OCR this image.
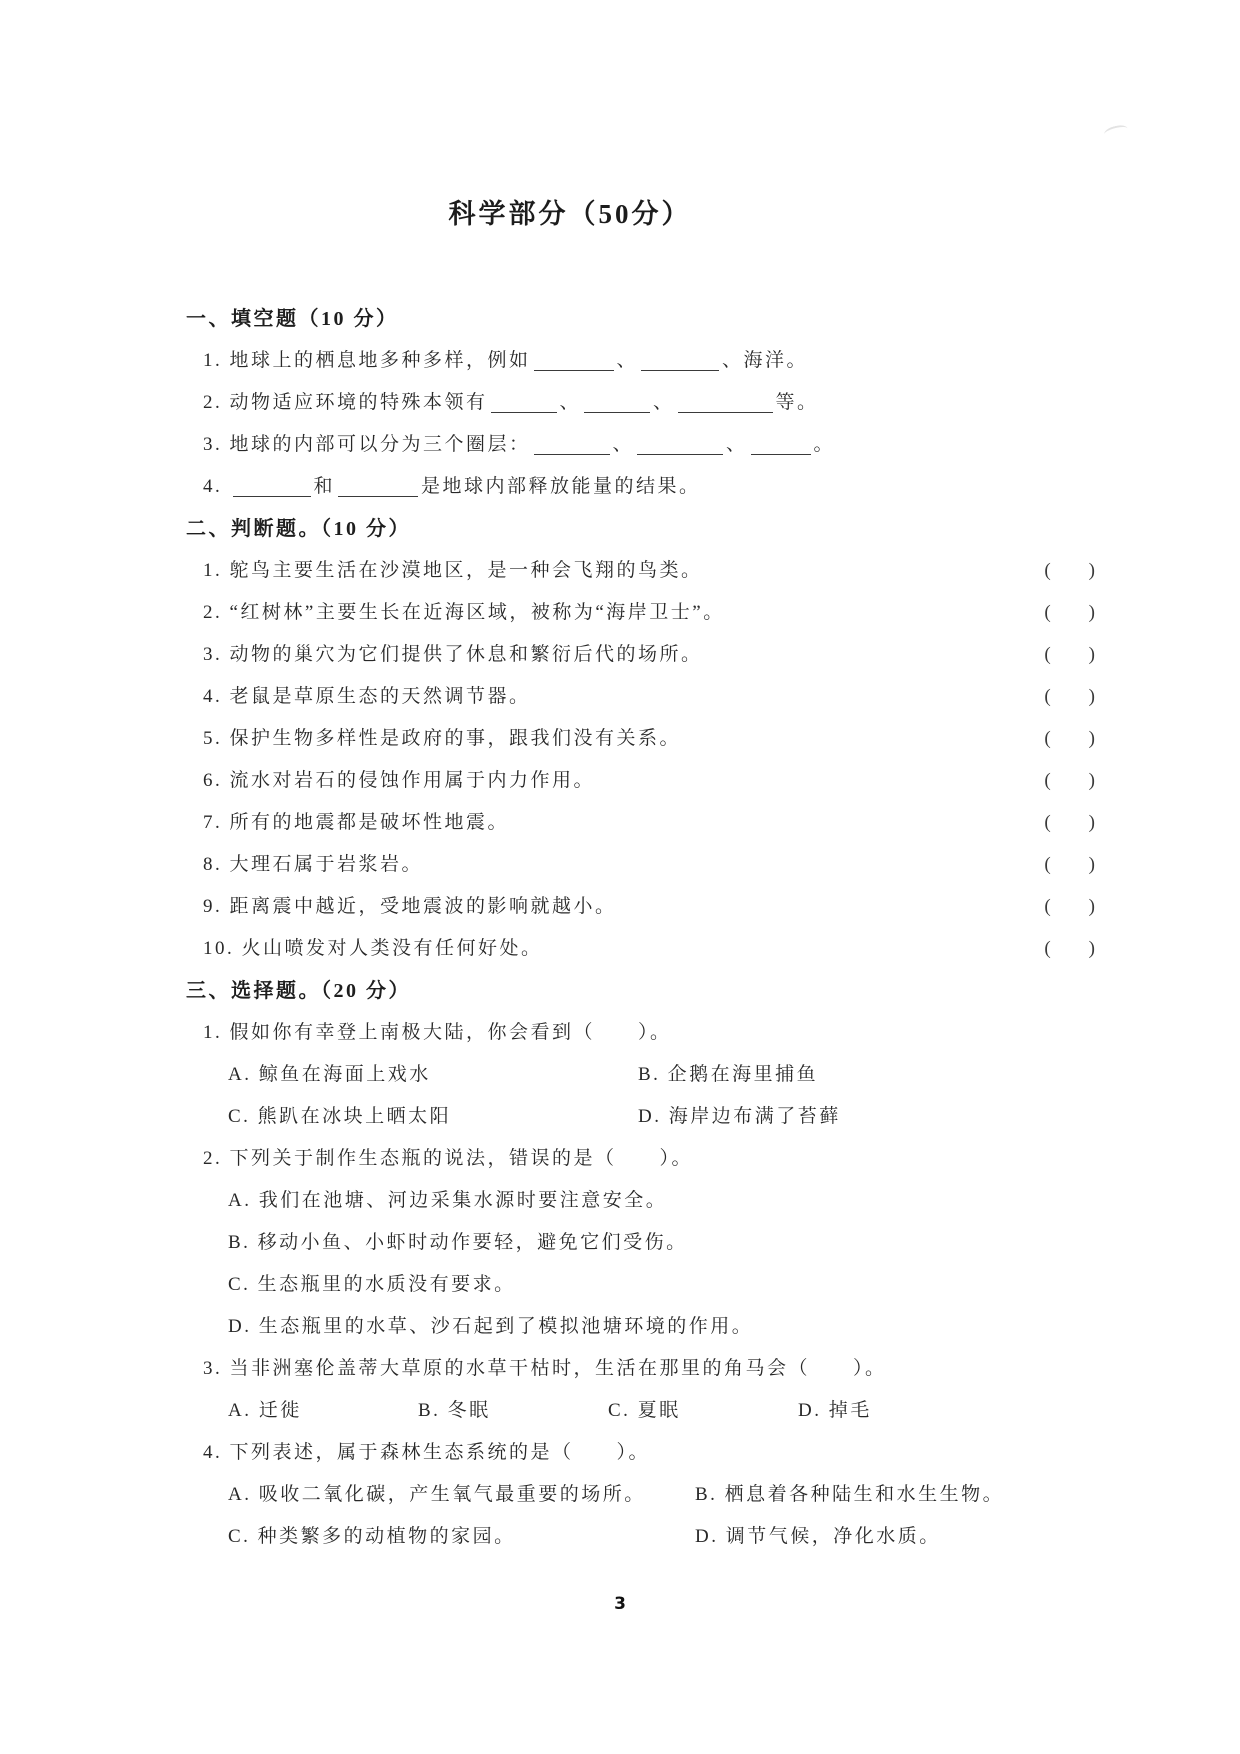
科学部分（50分）
一、填空题（10 分）
1. 地球上的栖息地多种多样，例如	、	、海洋。
2. 动物适应环境的特殊本领有	、	、	等。
3. 地球的内部可以分为三个圈层：	、	、	。
4.	和	是地球内部释放能量的结果。
二、判断题。（10 分）
1. 鸵鸟主要生活在沙漠地区，是一种会飞翔的鸟类。	(　　)
2. “红树林”主要生长在近海区域，被称为“海岸卫士”。	(　　)
3. 动物的巢穴为它们提供了休息和繁衍后代的场所。	(　　)
4. 老鼠是草原生态的天然调节器。	(　　)
5. 保护生物多样性是政府的事，跟我们没有关系。	(　　)
6. 流水对岩石的侵蚀作用属于内力作用。	(　　)
7. 所有的地震都是破坏性地震。	(　　)
8. 大理石属于岩浆岩。	(　　)
9. 距离震中越近，受地震波的影响就越小。	(　　)
10. 火山喷发对人类没有任何好处。	(　　)
三、选择题。（20 分）
1. 假如你有幸登上南极大陆，你会看到（　　）。
A. 鲸鱼在海面上戏水	B. 企鹅在海里捕鱼
C. 熊趴在冰块上晒太阳	D. 海岸边布满了苔藓
2. 下列关于制作生态瓶的说法，错误的是（　　）。
A. 我们在池塘、河边采集水源时要注意安全。
B. 移动小鱼、小虾时动作要轻，避免它们受伤。
C. 生态瓶里的水质没有要求。
D. 生态瓶里的水草、沙石起到了模拟池塘环境的作用。
3. 当非洲塞伦盖蒂大草原的水草干枯时，生活在那里的角马会（　　）。
A. 迁徙	B. 冬眠	C. 夏眠	D. 掉毛
4. 下列表述，属于森林生态系统的是（　　）。
A. 吸收二氧化碳，产生氧气最重要的场所。	B. 栖息着各种陆生和水生生物。
C. 种类繁多的动植物的家园。	D. 调节气候，净化水质。
3
